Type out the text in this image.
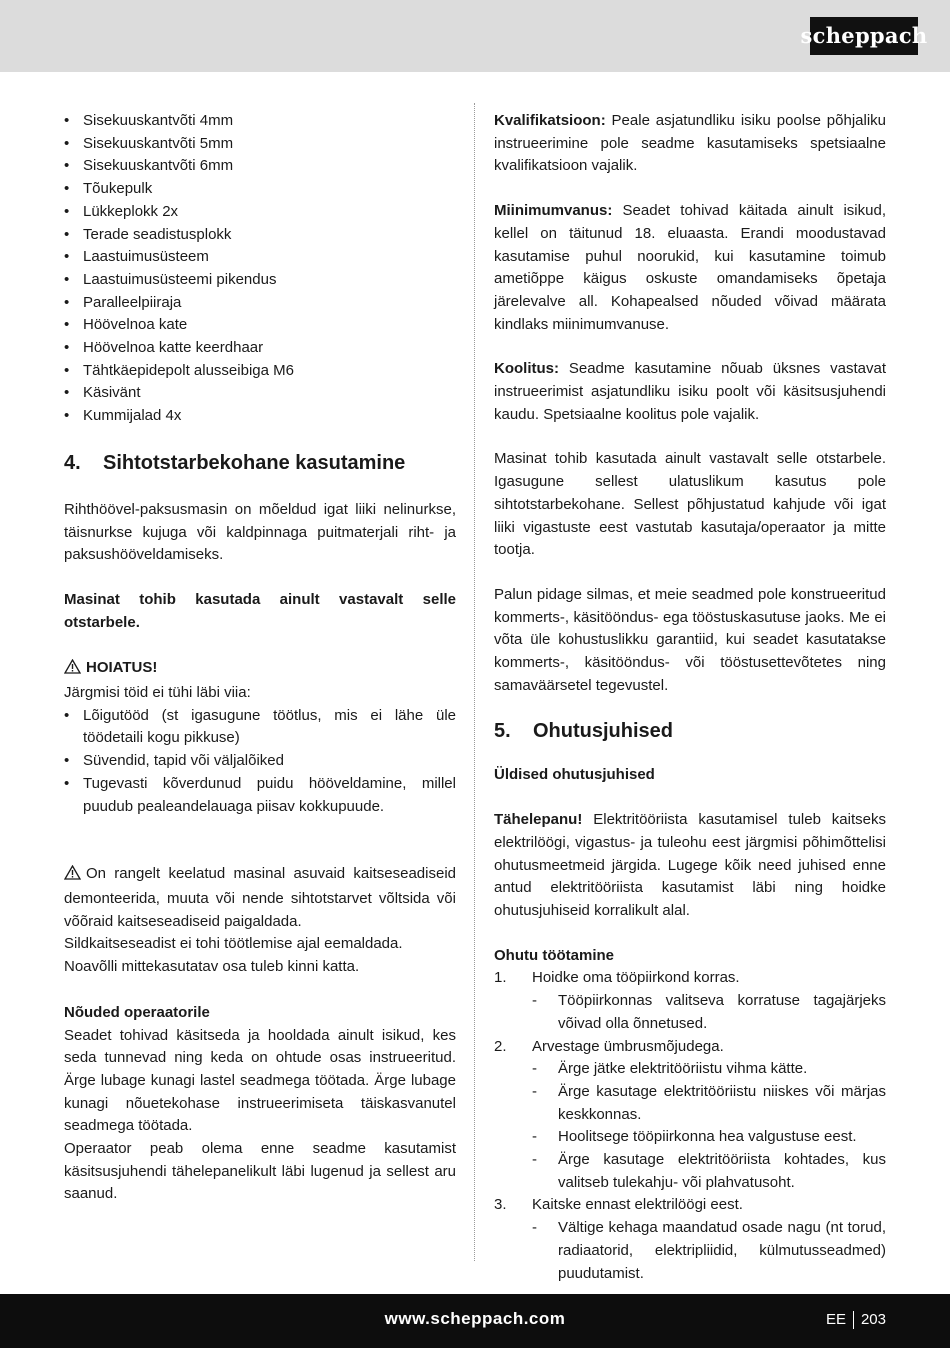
scheppach
• Sisekuuskantvõti 4mm
• Sisekuuskantvõti 5mm
• Sisekuuskantvõti 6mm
• Tõukepulk
• Lükkeplokk 2x
• Terade seadistusplokk
• Laastuimusüsteem
• Laastuimusüsteemi pikendus
• Paralleelpiiraja
• Höövelnoa kate
• Höövelnoa katte keerdhaar
• Tähtkäepidepolt alusseibiga M6
• Käsivänt
• Kummijalad 4x
4.	Sihtotstarbekohane kasutamine

Rihthöövel-paksusmasin on mõeldud igat liiki nelinurkse, täisnurkse kujuga või kaldpinnaga puitmaterjali riht- ja paksushööveldamiseks.

Masinat tohib kasutada ainult vastavalt selle otstarbele.

HOIATUS!

Järgmisi töid ei tühi läbi viia:

• Lõigutööd (st igasugune töötlus, mis ei lähe üle töödetaili kogu pikkuse)
• Süvendid, tapid või väljalõiked
• Tugevasti kõverdunud puidu hööveldamine, millel puudub pealeandelauaga piisav kokkupuude.

On rangelt keelatud masinal asuvaid kaitseseadiseid demonteerida, muuta või nende sihtotstarvet võltsida või võõraid kaitseseadiseid paigaldada.

Sildkaitseseadist ei tohi töötlemise ajal eemaldada.

Noavõlli mittekasutatav osa tuleb kinni katta.

Nõuded operaatorile

Seadet tohivad käsitseda ja hooldada ainult isikud, kes seda tunnevad ning keda on ohtude osas instrueeritud. Ärge lubage kunagi lastel seadmega töötada. Ärge lubage kunagi nõuetekohase instrueerimiseta täiskasvanutel seadmega töötada.

Operaator peab olema enne seadme kasutamist käsitsusjuhendi tähelepanelikult läbi lugenud ja sellest aru saanud.

Kvalifikatsioon: Peale asjatundliku isiku poolse põhjaliku instrueerimine pole seadme kasutamiseks spetsiaalne kvalifikatsioon vajalik.

Miinimumvanus: Seadet tohivad käitada ainult isikud, kellel on täitunud 18. eluaasta. Erandi moodustavad kasutamise puhul noorukid, kui kasutamine toimub ametiõppe käigus oskuste omandamiseks õpetaja järelevalve all. Kohapealsed nõuded võivad määrata kindlaks miinimumvanuse.

Koolitus: Seadme kasutamine nõuab üksnes vastavat instrueerimist asjatundliku isiku poolt või käsitsusjuhendi kaudu. Spetsiaalne koolitus pole vajalik.

Masinat tohib kasutada ainult vastavalt selle otstarbele. Igasugune sellest ulatuslikum kasutus pole sihtotstarbekohane. Sellest põhjustatud kahjude või igat liiki vigastuste eest vastutab kasutaja/operaator ja mitte tootja.

Palun pidage silmas, et meie seadmed pole konstrueeritud kommerts-, käsitööndus- ega tööstuskasutuse jaoks. Me ei võta üle kohustuslikku garantiid, kui seadet kasutatakse kommerts-, käsitööndus- või tööstusettevõtetes ning samaväärsetel tegevustel.

5.	Ohutusjuhised
Üldised ohutusjuhised

Tähelepanu! Elektritööriista kasutamisel tuleb kaitseks elektrilöögi, vigastus- ja tuleohu eest järgmisi põhimõttelisi ohutusmeetmeid järgida. Lugege kõik need juhised enne antud elektritööriista kasutamist läbi ning hoidke ohutusjuhiseid korralikult alal.

Ohutu töötamine
1. Hoidke oma tööpiirkond korras.
- Tööpiirkonnas valitseva korratuse tagajärjeks võivad olla õnnetused.
2. Arvestage ümbrusmõjudega.
- Ärge jätke elektritööriistu vihma kätte.
- Ärge kasutage elektritööriistu niiskes või märjas keskkonnas.
- Hoolitsege tööpiirkonna hea valgustuse eest.
- Ärge kasutage elektritööriista kohtades, kus valitseb tulekahju- või plahvatusoht.
3. Kaitske ennast elektrilöögi eest.
- Vältige kehaga maandatud osade nagu (nt torud, radiaatorid, elektripliidid, külmutusseadmed) puudutamist.
www.scheppach.com	EE 203
